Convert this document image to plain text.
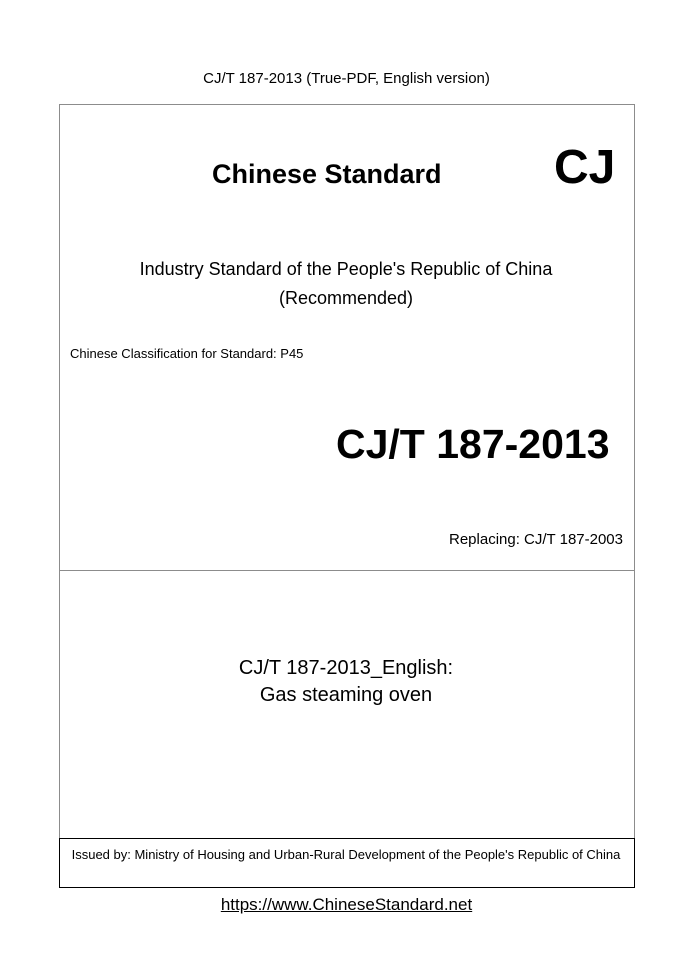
CJ/T 187-2013 (True-PDF, English version)
Chinese Standard CJ
Industry Standard of the People's Republic of China
(Recommended)
Chinese Classification for Standard: P45
CJ/T 187-2013
Replacing: CJ/T 187-2003
CJ/T 187-2013_English:
Gas steaming oven
Issued by: Ministry of Housing and Urban-Rural Development of the People's Republic of China
https://www.ChineseStandard.net
